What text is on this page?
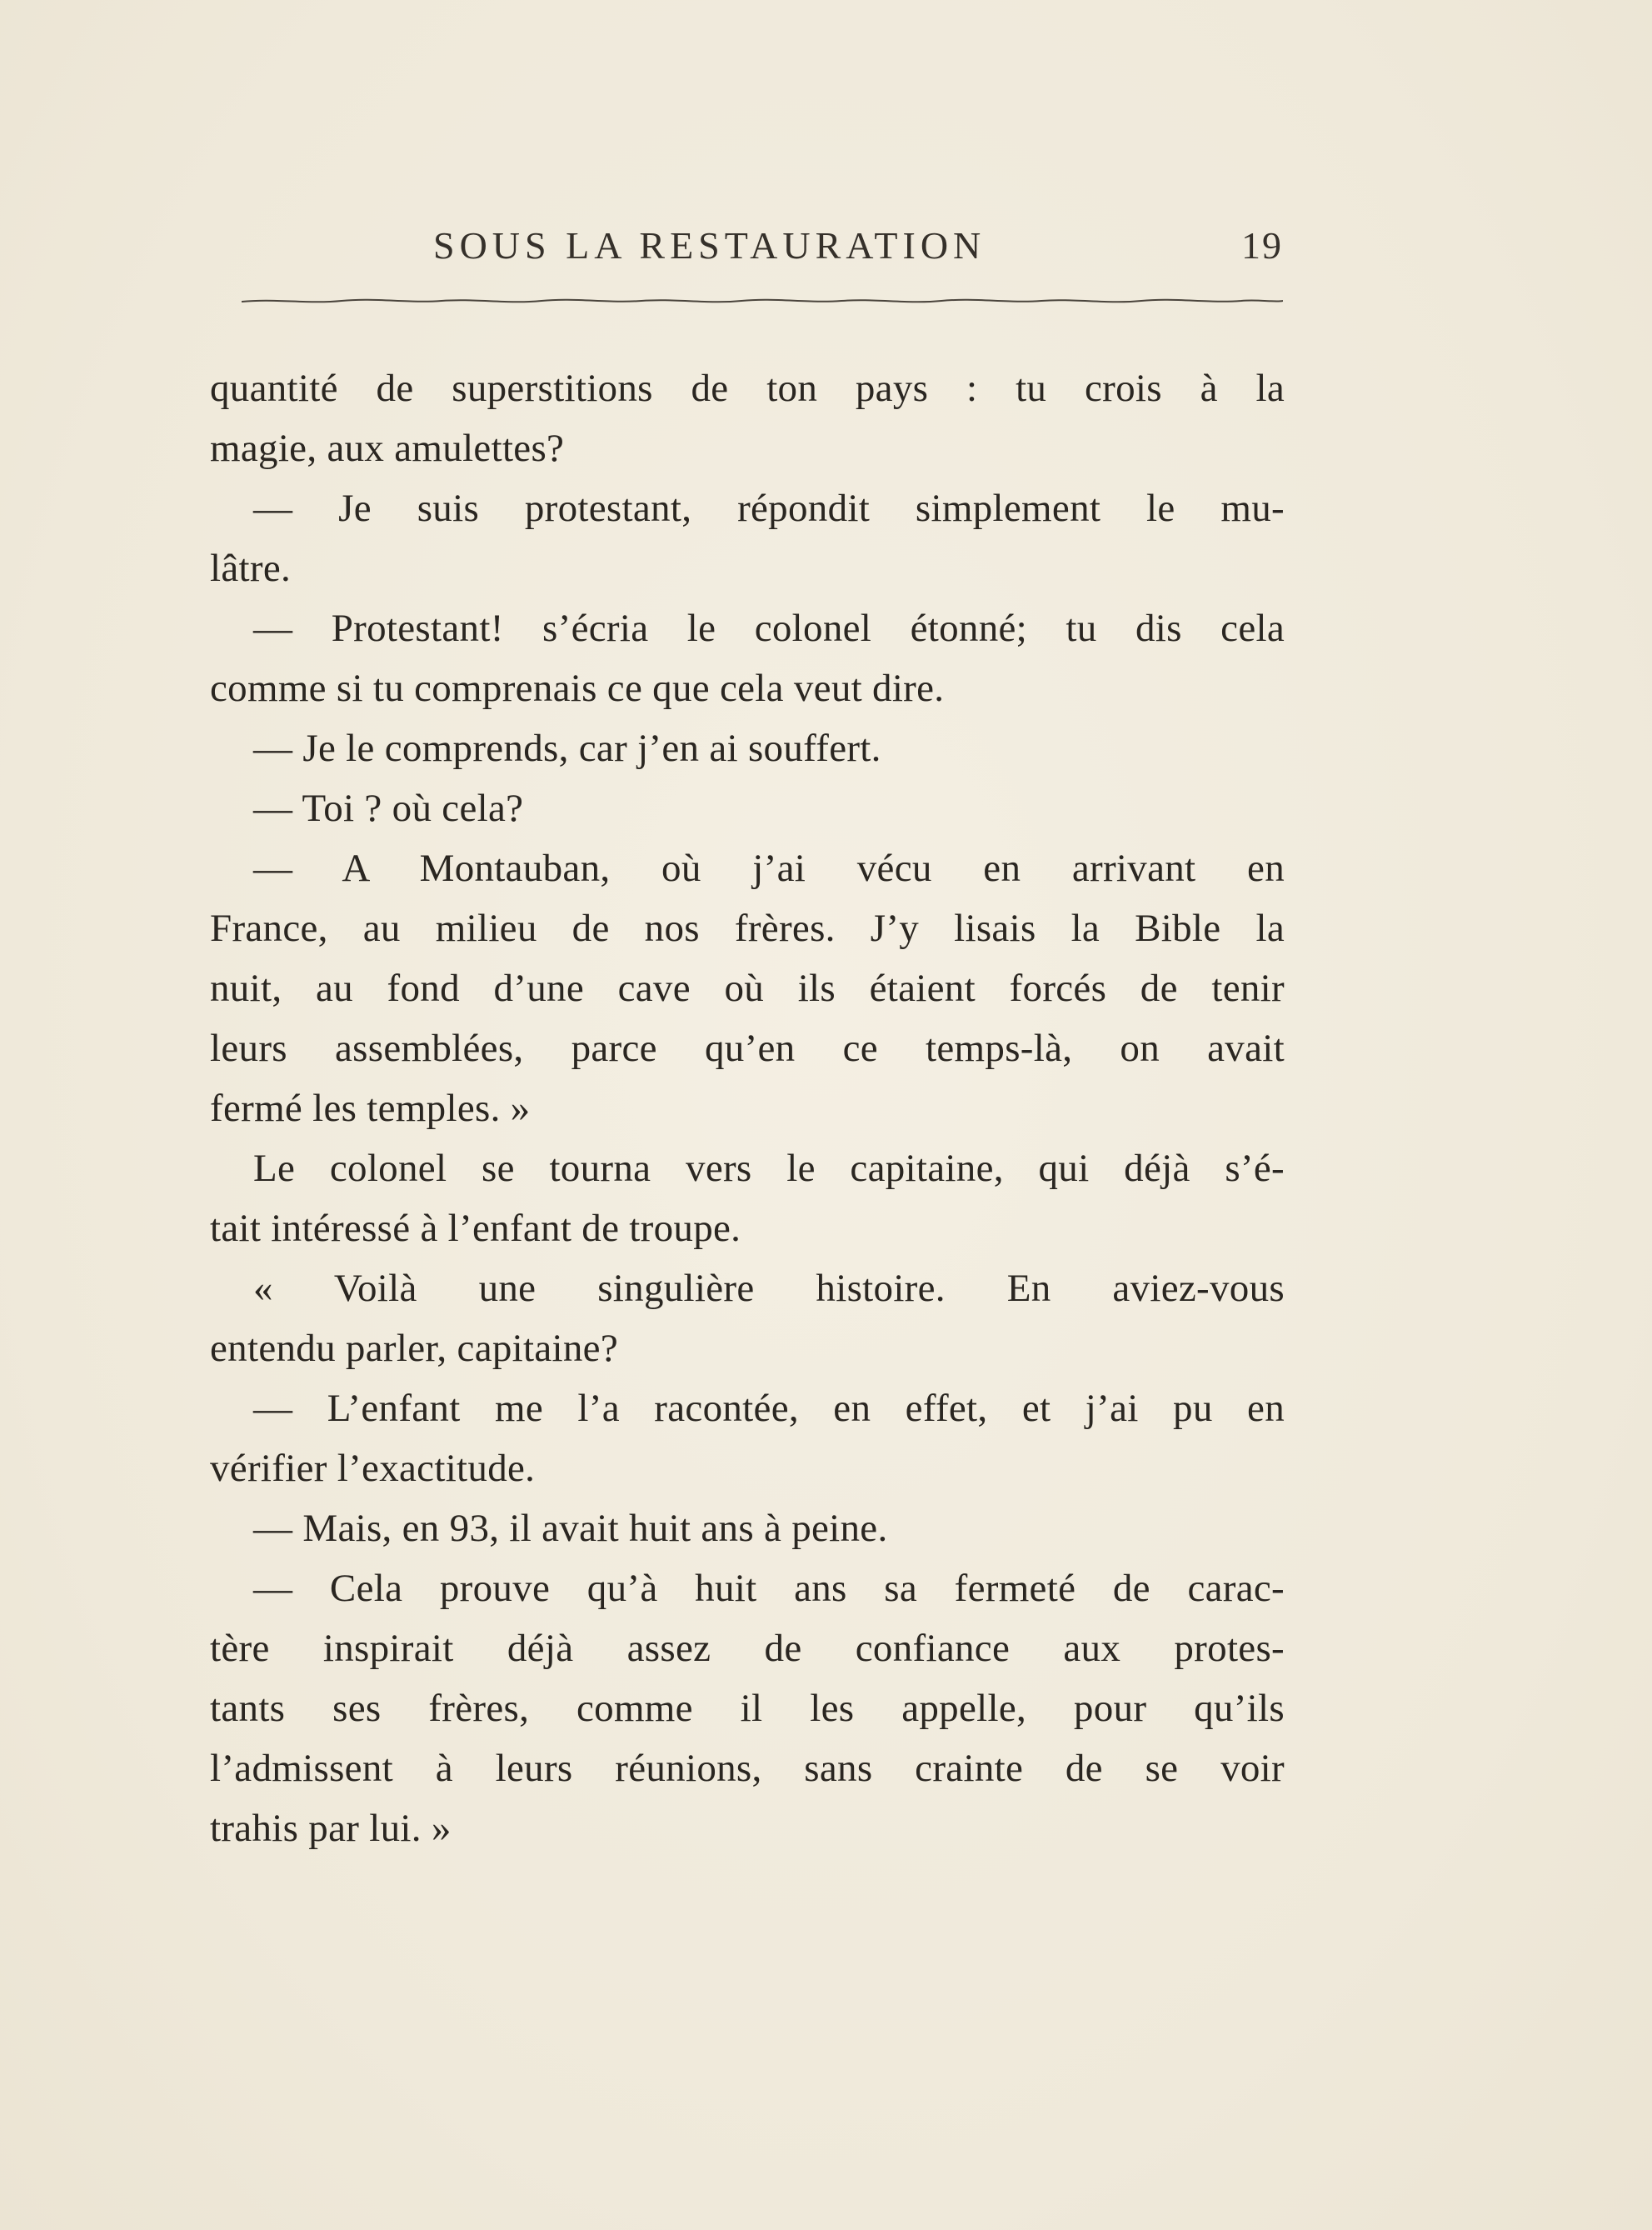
SOUS LA RESTAURATION	19
quantité de superstitions de ton pays : tu crois à la
magie, aux amulettes?
— Je suis protestant, répondit simplement le mu-
lâtre.
— Protestant! s’écria le colonel étonné; tu dis cela
comme si tu comprenais ce que cela veut dire.
— Je le comprends, car j’en ai souffert.
— Toi ? où cela?
— A Montauban, où j’ai vécu en arrivant en
France, au milieu de nos frères. J’y lisais la Bible la
nuit, au fond d’une cave où ils étaient forcés de tenir
leurs assemblées, parce qu’en ce temps-là, on avait
fermé les temples. »
Le colonel se tourna vers le capitaine, qui déjà s’é-
tait intéressé à l’enfant de troupe.
« Voilà une singulière histoire. En aviez-vous
entendu parler, capitaine?
— L’enfant me l’a racontée, en effet, et j’ai pu en
vérifier l’exactitude.
— Mais, en 93, il avait huit ans à peine.
— Cela prouve qu’à huit ans sa fermeté de carac-
tère inspirait déjà assez de confiance aux protes-
tants ses frères, comme il les appelle, pour qu’ils
l’admissent à leurs réunions, sans crainte de se voir
trahis par lui. »
